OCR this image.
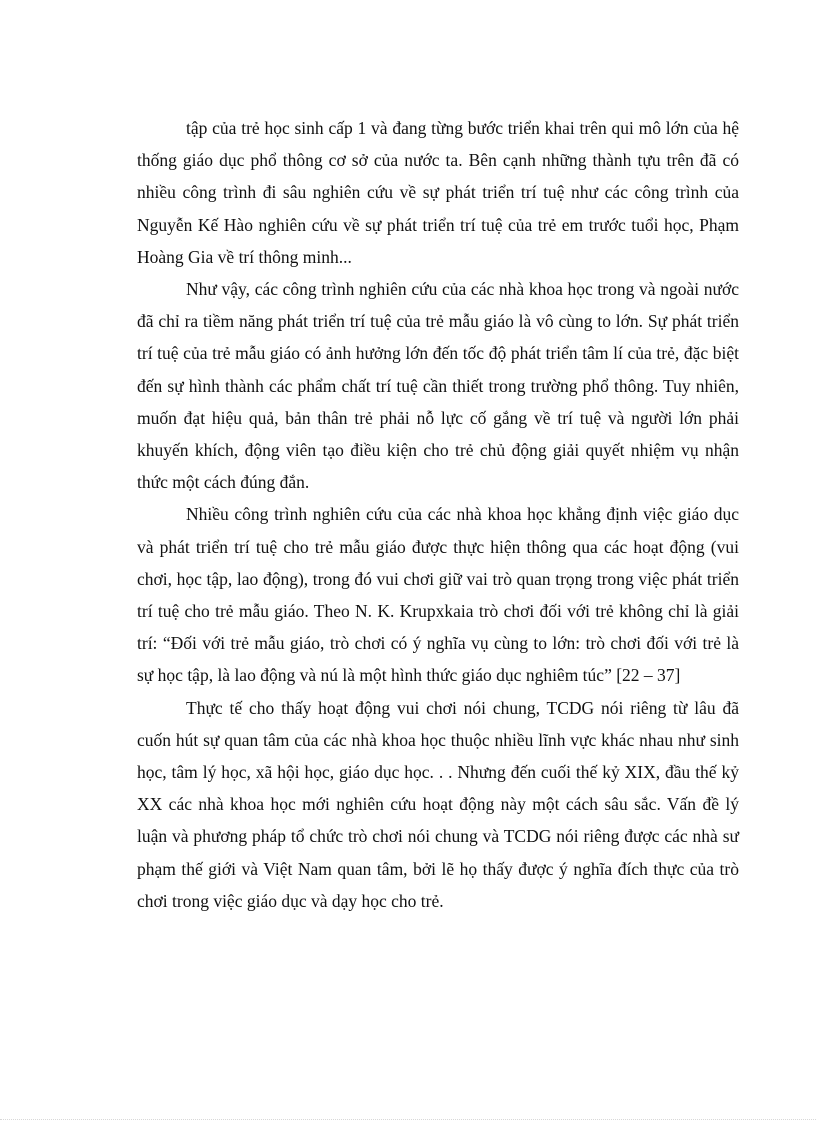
tập của trẻ học sinh cấp 1 và đang từng bước triển khai trên qui mô lớn của hệ thống giáo dục phổ thông cơ sở của nước ta. Bên cạnh những thành tựu trên đã có nhiều công trình đi sâu nghiên cứu về sự phát triển trí tuệ như các công trình của Nguyễn Kế Hào nghiên cứu về sự phát triển trí tuệ của trẻ em trước tuổi học, Phạm Hoàng Gia về trí thông minh...

Như vậy, các công trình nghiên cứu của các nhà khoa học trong và ngoài nước đã chỉ ra tiềm năng phát triển trí tuệ của trẻ mẫu giáo là vô cùng to lớn. Sự phát triển trí tuệ của trẻ mẫu giáo có ảnh hưởng lớn đến tốc độ phát triển tâm lí của trẻ, đặc biệt đến sự hình thành các phẩm chất trí tuệ cần thiết trong trường phổ thông. Tuy nhiên, muốn đạt hiệu quả, bản thân trẻ phải nỗ lực cố gắng về trí tuệ và người lớn phải khuyến khích, động viên tạo điều kiện cho trẻ chủ động giải quyết nhiệm vụ nhận thức một cách đúng đắn.

Nhiều công trình nghiên cứu của các nhà khoa học khẳng định việc giáo dục và phát triển trí tuệ cho trẻ mẫu giáo được thực hiện thông qua các hoạt động (vui chơi, học tập, lao động), trong đó vui chơi giữ vai trò quan trọng trong việc phát triển trí tuệ cho trẻ mẫu giáo. Theo N. K. Krupxkaia trò chơi đối với trẻ không chỉ là giải trí: “Đối với trẻ mẫu giáo, trò chơi có ý nghĩa vụ cùng to lớn: trò chơi đối với trẻ là sự học tập, là lao động và nú là một hình thức giáo dục nghiêm túc” [22 – 37]

Thực tế cho thấy hoạt động vui chơi nói chung, TCDG nói riêng từ lâu đã cuốn hút sự quan tâm của các nhà khoa học thuộc nhiều lĩnh vực khác nhau như sinh học, tâm lý học, xã hội học, giáo dục học. . . Nhưng đến cuối thế kỷ XIX, đầu thế kỷ XX các nhà khoa học mới nghiên cứu hoạt động này một cách sâu sắc. Vấn đề lý luận và phương pháp tổ chức trò chơi nói chung và TCDG nói riêng được các nhà sư phạm thế giới và Việt Nam quan tâm, bởi lẽ họ thấy được ý nghĩa đích thực của trò chơi trong việc giáo dục và dạy học cho trẻ.
